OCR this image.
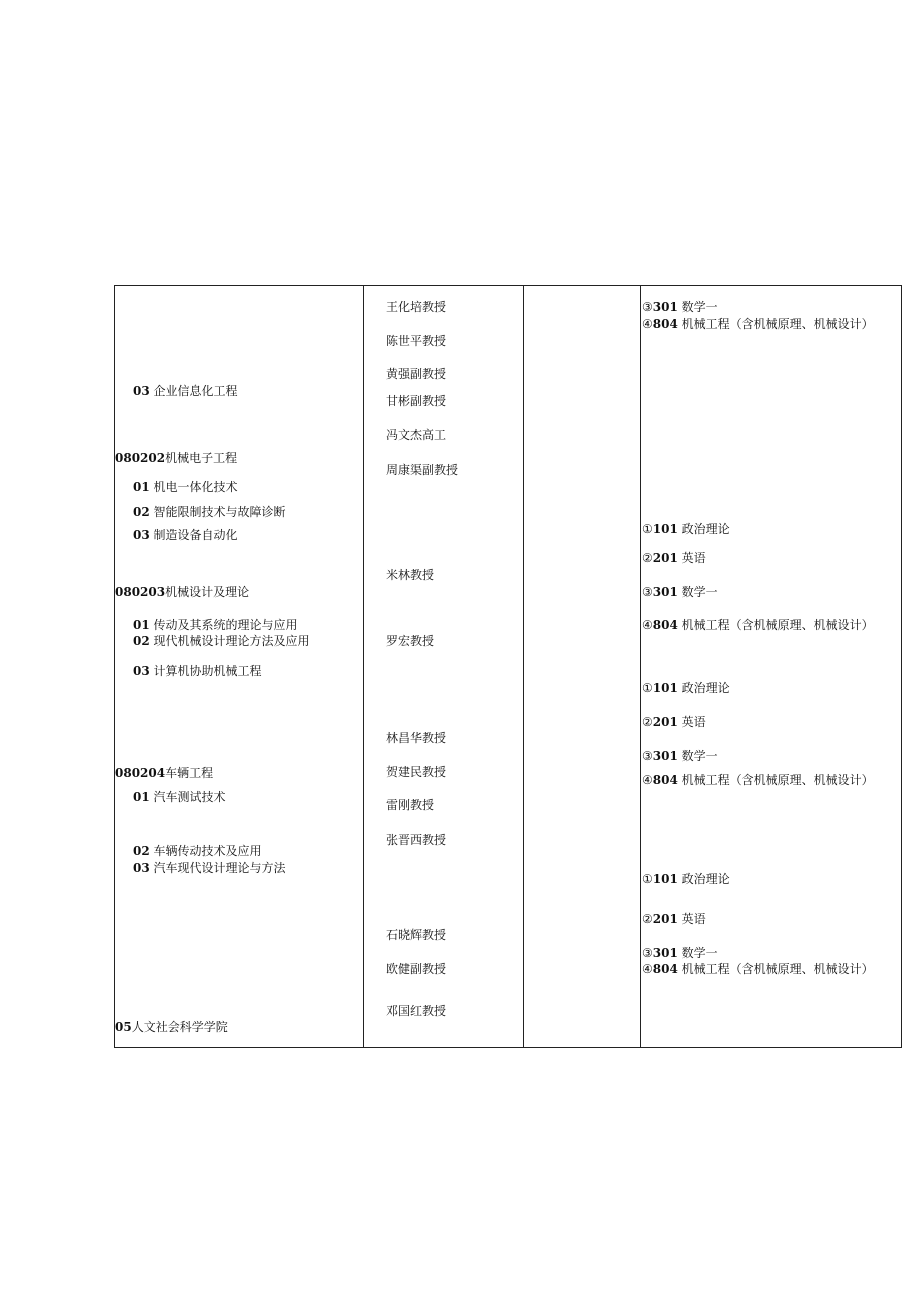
03 企业信息化工程
080202机械电子工程
01 机电一体化技术
02 智能限制技术与故障诊断
03 制造设备自动化
080203机械设计及理论
01 传动及其系统的理论与应用
02 现代机械设计理论方法及应用
03 计算机协助机械工程
080204车辆工程
01 汽车测试技术
02 车辆传动技术及应用
03 汽车现代设计理论与方法
05人文社会科学学院
王化培教授
陈世平教授
黄强副教授
甘彬副教授
冯文杰高工
周康渠副教授
米林教授
罗宏教授
林昌华教授
贺建民教授
雷刚教授
张晋西教授
石晓辉教授
欧健副教授
邓国红教授
③301 数学一
④804 机械工程（含机械原理、机械设计）
①101 政治理论
②201 英语
③301 数学一
④804 机械工程（含机械原理、机械设计）
①101 政治理论
②201 英语
③301 数学一
④804 机械工程（含机械原理、机械设计）
①101 政治理论
②201 英语
③301 数学一
④804 机械工程（含机械原理、机械设计）
